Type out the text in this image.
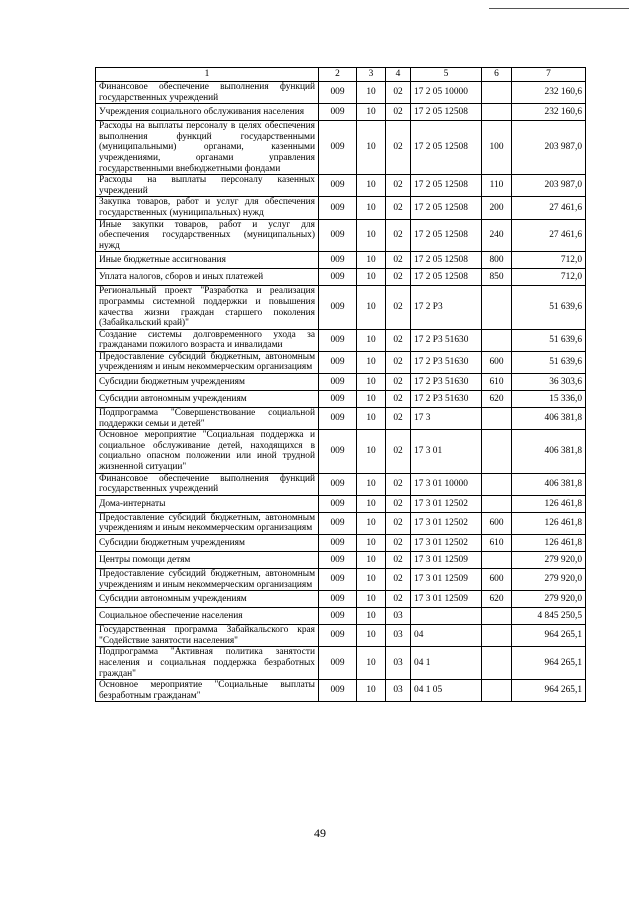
1	2	3	4	5	6	7
Финансовое обеспечение выполнения функций государственных учреждений	009	10	02	17 2 05 10000		232 160,6
Учреждения социального обслуживания населения	009	10	02	17 2 05 12508		232 160,6
Расходы на выплаты персоналу в целях обеспечения выполнения функций государственными (муниципальными) органами, казенными учреждениями, органами управления государственными внебюджетными фондами	009	10	02	17 2 05 12508	100	203 987,0
Расходы на выплаты персоналу казенных учреждений	009	10	02	17 2 05 12508	110	203 987,0
Закупка товаров, работ и услуг для обеспечения государственных (муниципальных) нужд	009	10	02	17 2 05 12508	200	27 461,6
Иные закупки товаров, работ и услуг для обеспечения государственных (муниципальных) нужд	009	10	02	17 2 05 12508	240	27 461,6
Иные бюджетные ассигнования	009	10	02	17 2 05 12508	800	712,0
Уплата налогов, сборов и иных платежей	009	10	02	17 2 05 12508	850	712,0
Региональный проект "Разработка и реализация программы системной поддержки и повышения качества жизни граждан старшего поколения (Забайкальский край)"	009	10	02	17 2 P3		51 639,6
Создание системы долговременного ухода за гражданами пожилого возраста и инвалидами	009	10	02	17 2 P3 51630		51 639,6
Предоставление субсидий бюджетным, автономным учреждениям и иным некоммерческим организациям	009	10	02	17 2 P3 51630	600	51 639,6
Субсидии бюджетным учреждениям	009	10	02	17 2 P3 51630	610	36 303,6
Субсидии автономным учреждениям	009	10	02	17 2 P3 51630	620	15 336,0
Подпрограмма "Совершенствование социальной поддержки семьи и детей"	009	10	02	17 3		406 381,8
Основное мероприятие "Социальная поддержка и социальное обслуживание детей, находящихся в социально опасном положении или иной трудной жизненной ситуации"	009	10	02	17 3 01		406 381,8
Финансовое обеспечение выполнения функций государственных учреждений	009	10	02	17 3 01 10000		406 381,8
Дома-интернаты	009	10	02	17 3 01 12502		126 461,8
Предоставление субсидий бюджетным, автономным учреждениям и иным некоммерческим организациям	009	10	02	17 3 01 12502	600	126 461,8
Субсидии бюджетным учреждениям	009	10	02	17 3 01 12502	610	126 461,8
Центры помощи детям	009	10	02	17 3 01 12509		279 920,0
Предоставление субсидий бюджетным, автономным учреждениям и иным некоммерческим организациям	009	10	02	17 3 01 12509	600	279 920,0
Субсидии автономным учреждениям	009	10	02	17 3 01 12509	620	279 920,0
Социальное обеспечение населения	009	10	03			4 845 250,5
Государственная программа Забайкальского края "Содействие занятости населения"	009	10	03	04		964 265,1
Подпрограмма "Активная политика занятости населения и социальная поддержка безработных граждан"	009	10	03	04 1		964 265,1
Основное мероприятие "Социальные выплаты безработным гражданам"	009	10	03	04 1 05		964 265,1
49
